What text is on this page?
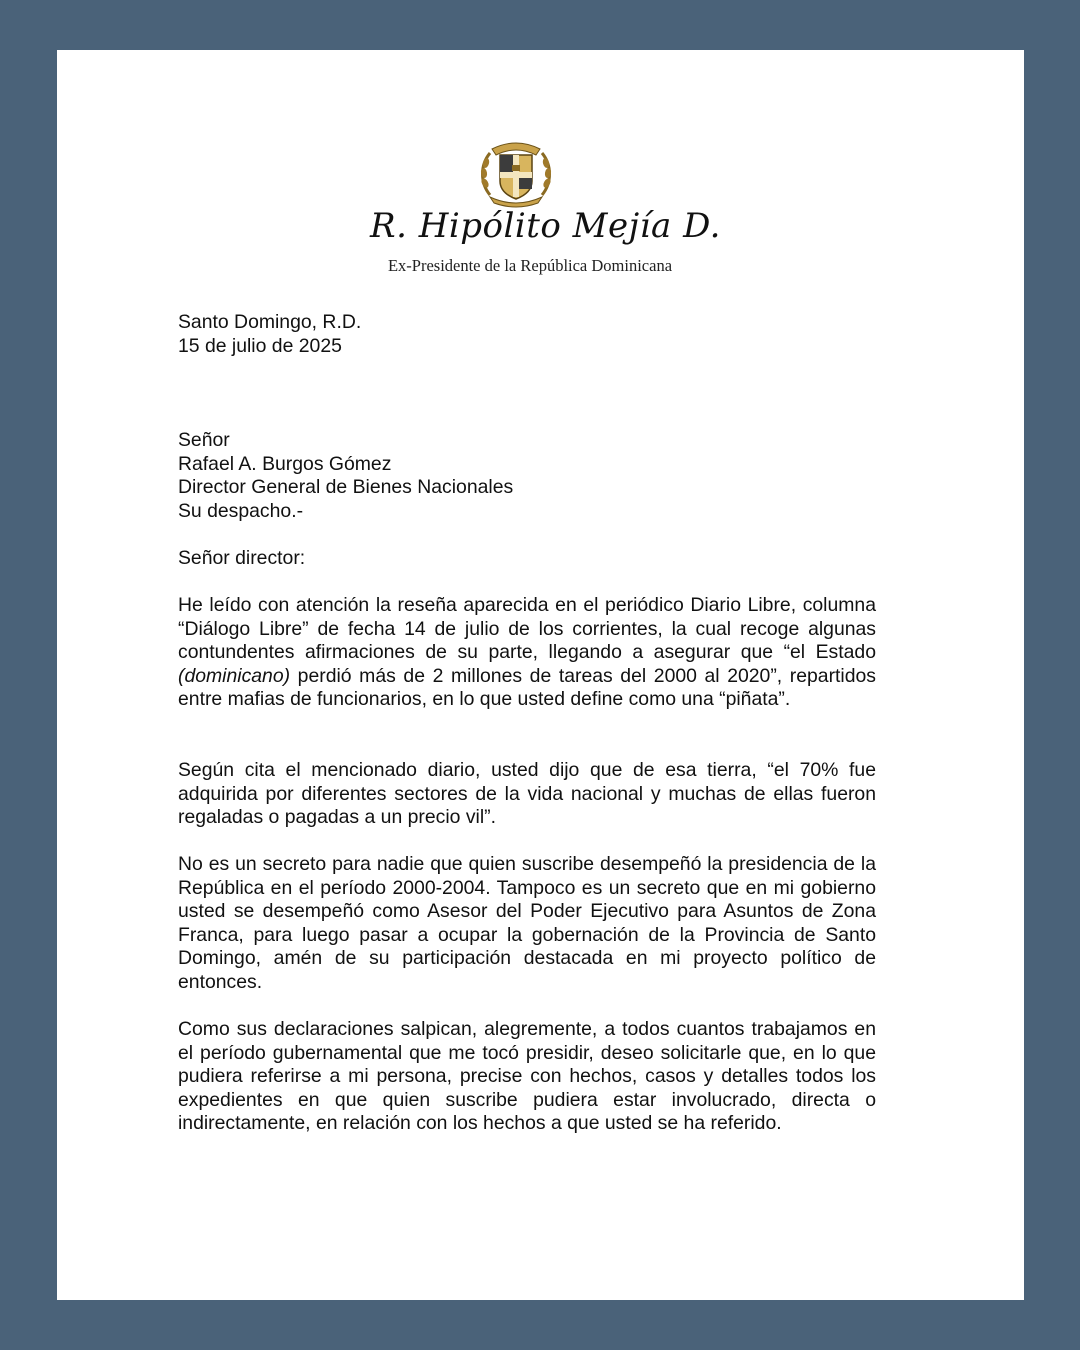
R. Hipólito Mejía D.
Ex-Presidente de la República Dominicana
Santo Domingo, R.D.
15 de julio de 2025
Señor
Rafael A. Burgos Gómez
Director General de Bienes Nacionales
Su despacho.-
Señor director:
He leído con atención la reseña aparecida en el periódico Diario Libre, columna “Diálogo Libre” de fecha 14 de julio de los corrientes, la cual recoge algunas contundentes afirmaciones de su parte, llegando a asegurar que “el Estado (dominicano) perdió más de 2 millones de tareas del 2000 al 2020”, repartidos entre mafias de funcionarios, en lo que usted define como una “piñata”.
Según cita el mencionado diario, usted dijo que de esa tierra, “el 70% fue adquirida por diferentes sectores de la vida nacional y muchas de ellas fueron regaladas o pagadas a un precio vil”.
No es un secreto para nadie que quien suscribe desempeñó la presidencia de la República en el período 2000-2004. Tampoco es un secreto que en mi gobierno usted se desempeñó como Asesor del Poder Ejecutivo para Asuntos de Zona Franca, para luego pasar a ocupar la gobernación de la Provincia de Santo Domingo, amén de su participación destacada en mi proyecto político de entonces.
Como sus declaraciones salpican, alegremente, a todos cuantos trabajamos en el período gubernamental que me tocó presidir, deseo solicitarle que, en lo que pudiera referirse a mi persona, precise con hechos, casos y detalles todos los expedientes en que quien suscribe pudiera estar involucrado, directa o indirectamente, en relación con los hechos a que usted se ha referido.
